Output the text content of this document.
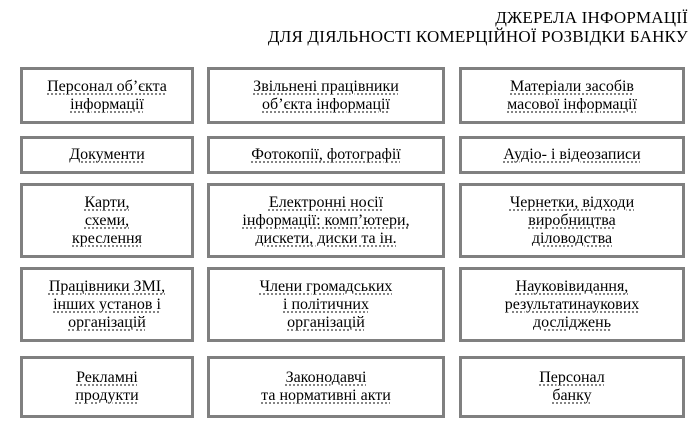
ДЖЕРЕЛА ІНФОРМАЦІЇ
ДЛЯ ДІЯЛЬНОСТІ КОМЕРЦІЙНОЇ РОЗВІДКИ БАНКУ
Персонал об’єкта
інформації
Звільнені працівники
об’єкта інформації
Матеріали засобів
масової інформації
Документи	Фотокопії, фотографії	Аудіо- і відеозаписи
Карти,
схеми,
креслення
Електронні носії
інформації: комп’ютери,
дискети, диски та ін.
Чернетки, відходи
виробництва
діловодства
Працівники ЗМІ,
інших установ і
організацій
Члени громадських
і політичних
організацій
Науковівидання,
результатинаукових
досліджень
Рекламні
продукти
Законодавчі
та нормативні акти
Персонал
банку
